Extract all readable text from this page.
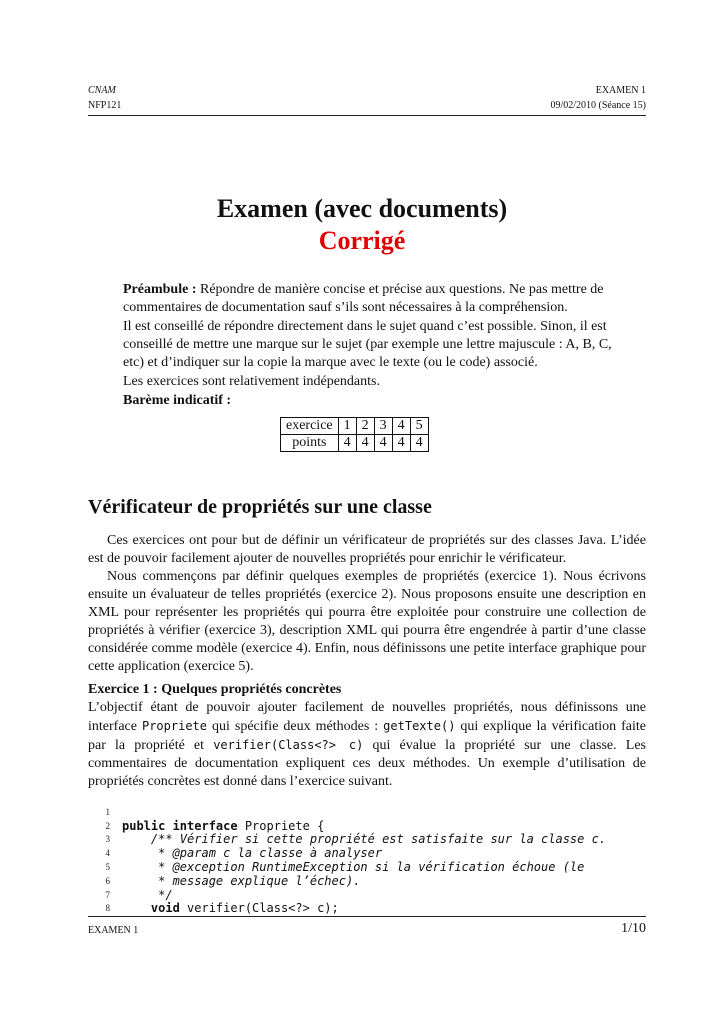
CNAM	EXAMEN 1
NFP121	09/02/2010 (Séance 15)
Examen (avec documents)
Corrigé

Préambule : Répondre de manière concise et précise aux questions. Ne pas mettre de commentaires de documentation sauf s’ils sont nécessaires à la compréhension.

Il est conseillé de répondre directement dans le sujet quand c’est possible. Sinon, il est conseillé de mettre une marque sur le sujet (par exemple une lettre majuscule : A, B, C, etc) et d’indiquer sur la copie la marque avec le texte (ou le code) associé.

Les exercices sont relativement indépendants.

Barème indicatif :

exercice	1	2	3	4	5
points	4	4	4	4	4
Vérificateur de propriétés sur une classe

Ces exercices ont pour but de définir un vérificateur de propriétés sur des classes Java. L’idée est de pouvoir facilement ajouter de nouvelles propriétés pour enrichir le vérificateur.

Nous commençons par définir quelques exemples de propriétés (exercice 1). Nous écrivons ensuite un évaluateur de telles propriétés (exercice 2). Nous proposons ensuite une description en XML pour représenter les propriétés qui pourra être exploitée pour construire une collection de propriétés à vérifier (exercice 3), description XML qui pourra être engendrée à partir d’une classe considérée comme modèle (exercice 4). Enfin, nous définissons une petite interface graphique pour cette application (exercice 5).

Exercice 1 : Quelques propriétés concrètes

L’objectif étant de pouvoir ajouter facilement de nouvelles propriétés, nous définissons une interface Propriete qui spécifie deux méthodes : getTexte() qui explique la vérification faite par la propriété et verifier(Class<?> c) qui évalue la propriété sur une classe. Les commentaires de documentation expliquent ces deux méthodes. Un exemple d’utilisation de propriétés concrètes est donné dans l’exercice suivant.

1

public interface Propriete {

2

/** Vérifier si cette propriété est satisfaite sur la classe c.

3

* @param c la classe à analyser

4

* @exception RuntimeException si la vérification échoue (le

5

* message explique l’échec).

6

*/

7

void verifier(Class<?> c);

8

EXAMEN 1	1/10
